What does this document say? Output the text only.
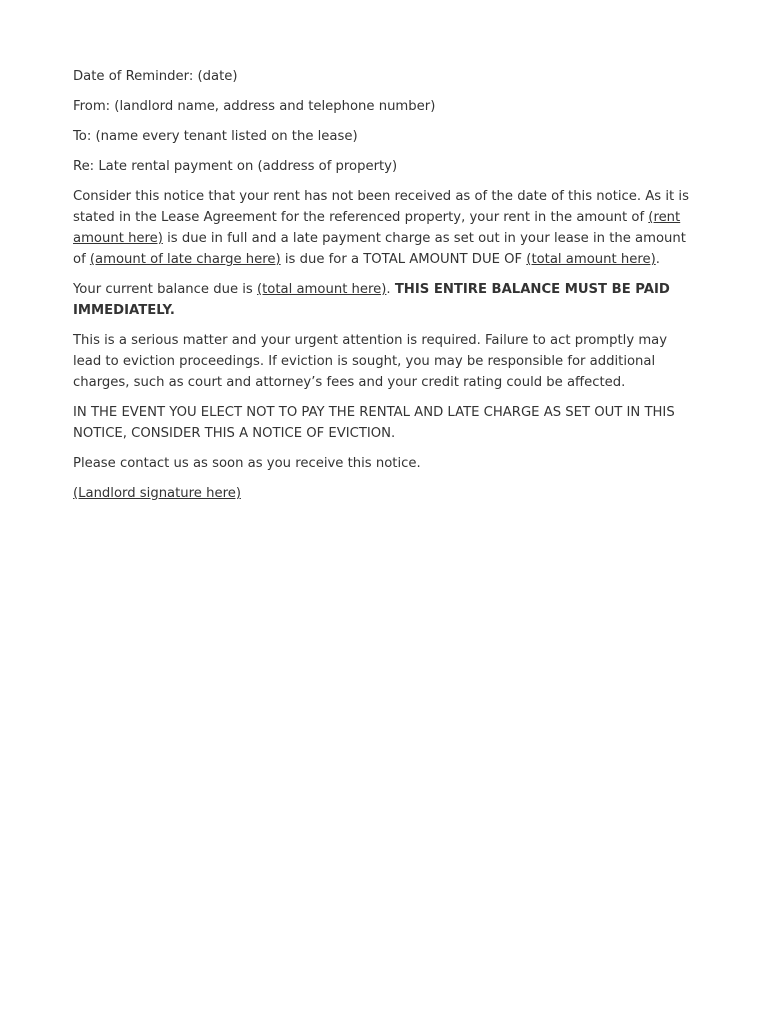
Date of Reminder: (date)

From: (landlord name, address and telephone number)

To: (name every tenant listed on the lease)

Re: Late rental payment on (address of property)

Consider this notice that your rent has not been received as of the date of this notice. As it is stated in the Lease Agreement for the referenced property, your rent in the amount of (rent amount here) is due in full and a late payment charge as set out in your lease in the amount of (amount of late charge here) is due for a TOTAL AMOUNT DUE OF (total amount here).

Your current balance due is (total amount here). THIS ENTIRE BALANCE MUST BE PAID IMMEDIATELY.

This is a serious matter and your urgent attention is required. Failure to act promptly may lead to eviction proceedings. If eviction is sought, you may be responsible for additional charges, such as court and attorney’s fees and your credit rating could be affected.

IN THE EVENT YOU ELECT NOT TO PAY THE RENTAL AND LATE CHARGE AS SET OUT IN THIS NOTICE, CONSIDER THIS A NOTICE OF EVICTION.

Please contact us as soon as you receive this notice.

(Landlord signature here)
